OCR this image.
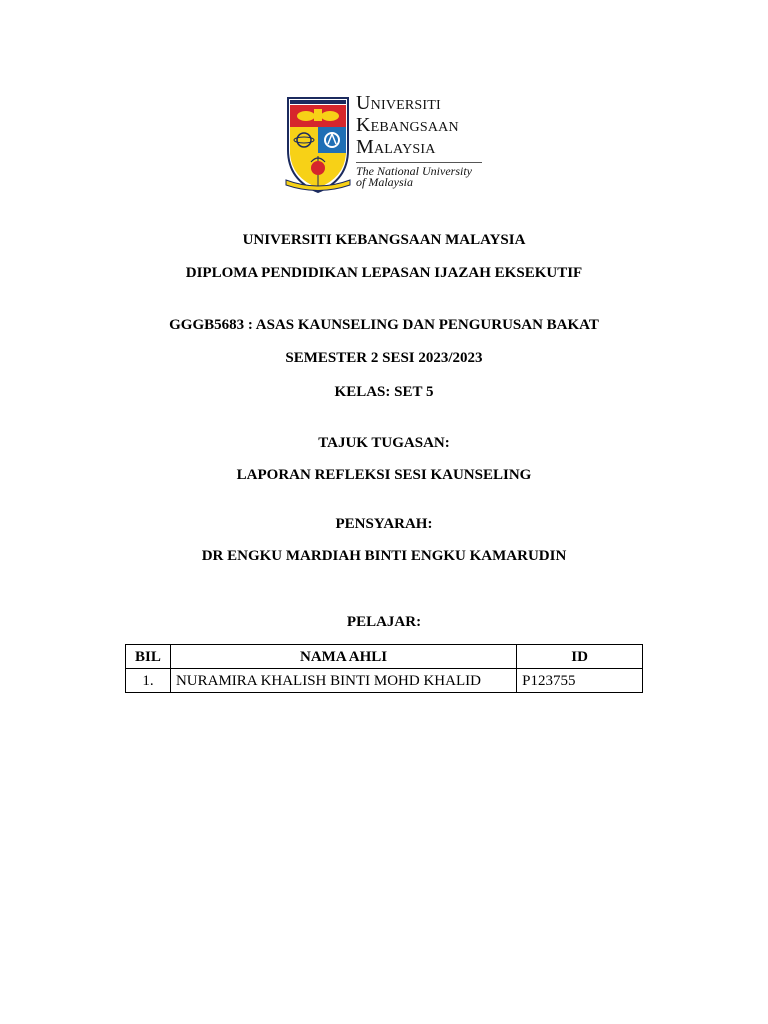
Universiti
Kebangsaan
Malaysia
The National University
of Malaysia
UNIVERSITI KEBANGSAAN MALAYSIA
DIPLOMA PENDIDIKAN LEPASAN IJAZAH EKSEKUTIF
GGGB5683 : ASAS KAUNSELING DAN PENGURUSAN BAKAT
SEMESTER 2 SESI 2023/2023
KELAS: SET 5
TAJUK TUGASAN:
LAPORAN REFLEKSI SESI KAUNSELING
PENSYARAH:
DR ENGKU MARDIAH BINTI ENGKU KAMARUDIN
PELAJAR:
BIL	NAMA AHLI	ID
1.	NURAMIRA KHALISH BINTI MOHD KHALID	P123755
